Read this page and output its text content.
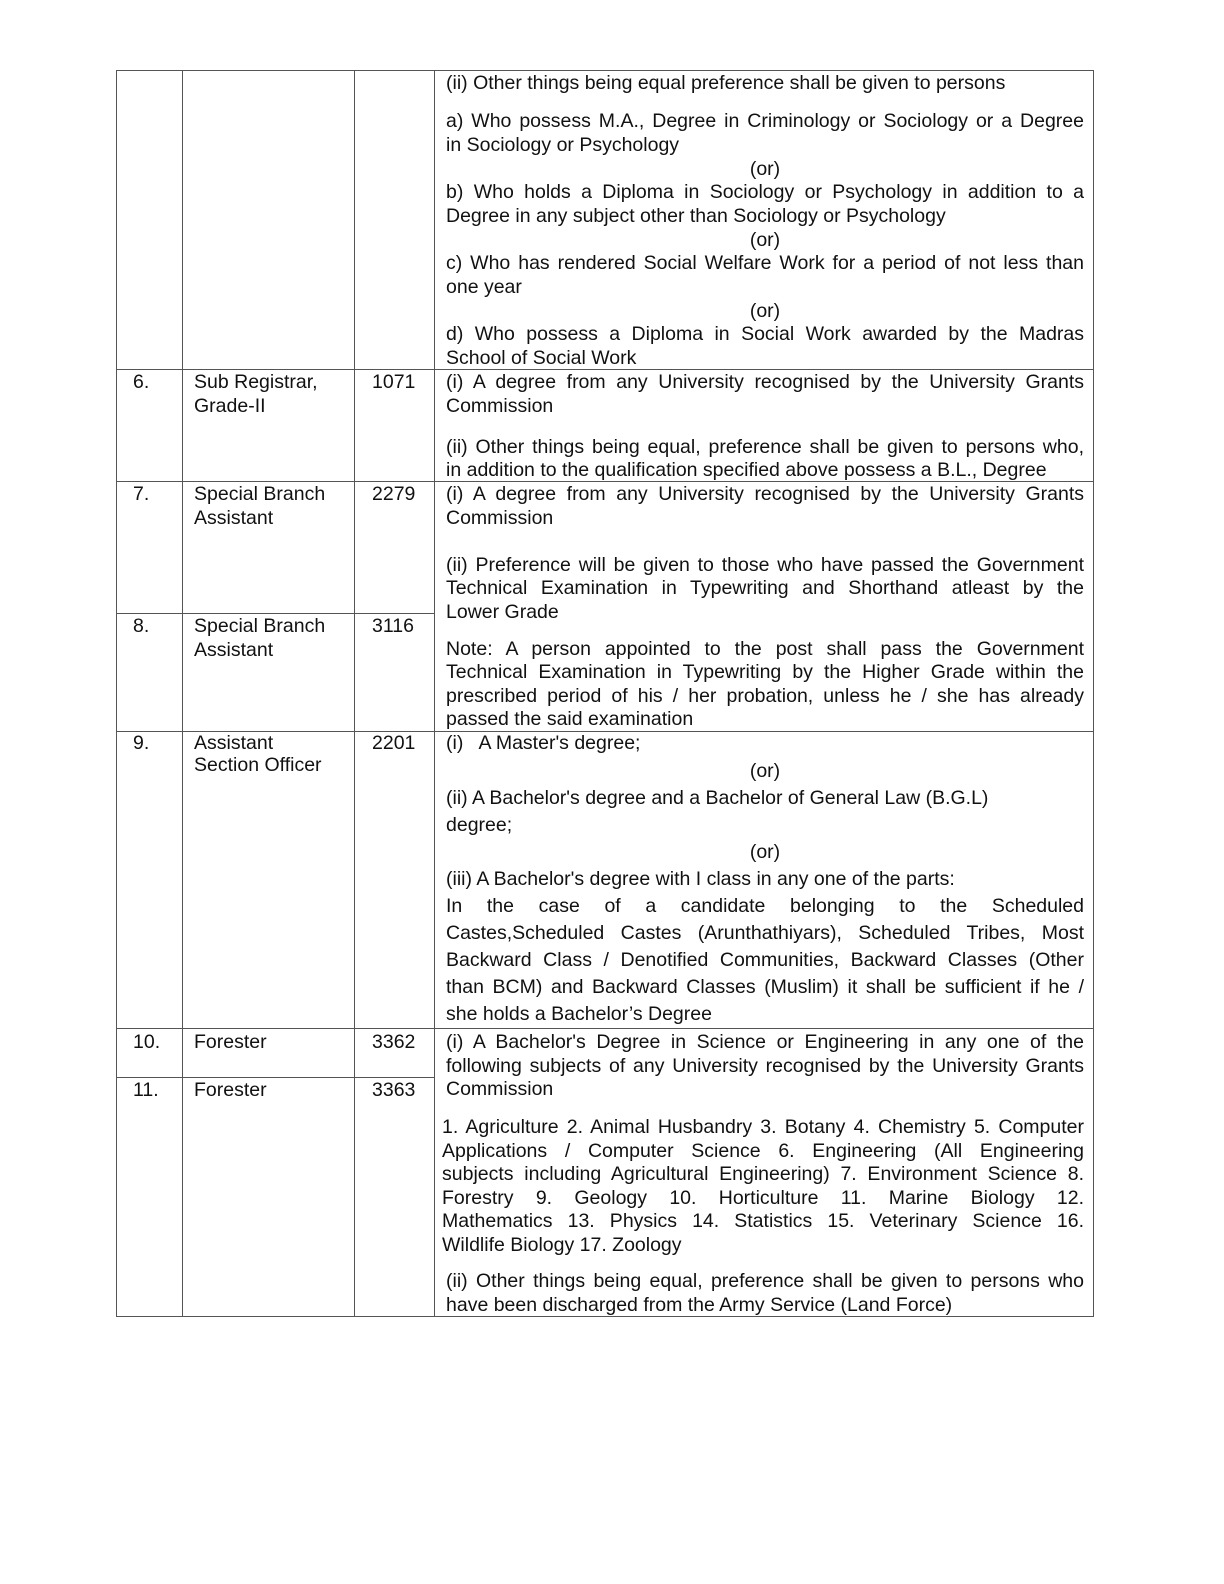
(ii) Other things being equal preference shall be given to persons
a) Who possess M.A., Degree in Criminology or Sociology or a Degree
in Sociology or Psychology
(or)
b) Who holds a Diploma in Sociology or Psychology in addition to a
Degree in any subject other than Sociology or Psychology
(or)
c) Who has rendered Social Welfare Work for a period of not less than
one year
(or)
d) Who possess a Diploma in Social Work awarded by the Madras
School of Social Work
6. Sub Registrar,
Grade-II
1071 (i) A degree from any University recognised by the University Grants
Commission
(ii) Other things being equal, preference shall be given to persons who,
in addition to the qualification specified above possess a B.L., Degree
7. Special Branch
Assistant
2279 (i) A degree from any University recognised by the University Grants
Commission
(ii) Preference will be given to those who have passed the Government
Technical Examination in Typewriting and Shorthand atleast by the
Lower Grade
Note: A person appointed to the post shall pass the Government
Technical Examination in Typewriting by the Higher Grade within the
prescribed period of his / her probation, unless he / she has already
passed the said examination
8. Special Branch
Assistant
3116
9. Assistant
Section Officer
2201 (i)   A Master's degree;
(or)
(ii) A Bachelor's degree and a Bachelor of General Law (B.G.L)
degree;
(or)
(iii) A Bachelor's degree with I class in any one of the parts:
In the case of a candidate belonging to the Scheduled
Castes,Scheduled Castes (Arunthathiyars), Scheduled Tribes, Most
Backward Class / Denotified Communities, Backward Classes (Other
than BCM) and Backward Classes (Muslim) it shall be sufficient if he /
she holds a Bachelor’s Degree
10. Forester	3362 (i) A Bachelor's Degree in Science or Engineering in any one of the
following subjects of any University recognised by the University Grants
Commission
1. Agriculture 2. Animal Husbandry 3. Botany 4. Chemistry 5. Computer
Applications / Computer Science 6. Engineering (All Engineering
subjects including Agricultural Engineering) 7. Environment Science 8.
Forestry 9. Geology 10. Horticulture 11. Marine Biology 12.
Mathematics 13. Physics 14. Statistics 15. Veterinary Science 16.
Wildlife Biology 17. Zoology
(ii) Other things being equal, preference shall be given to persons who
have been discharged from the Army Service (Land Force)
11. Forester	3363
